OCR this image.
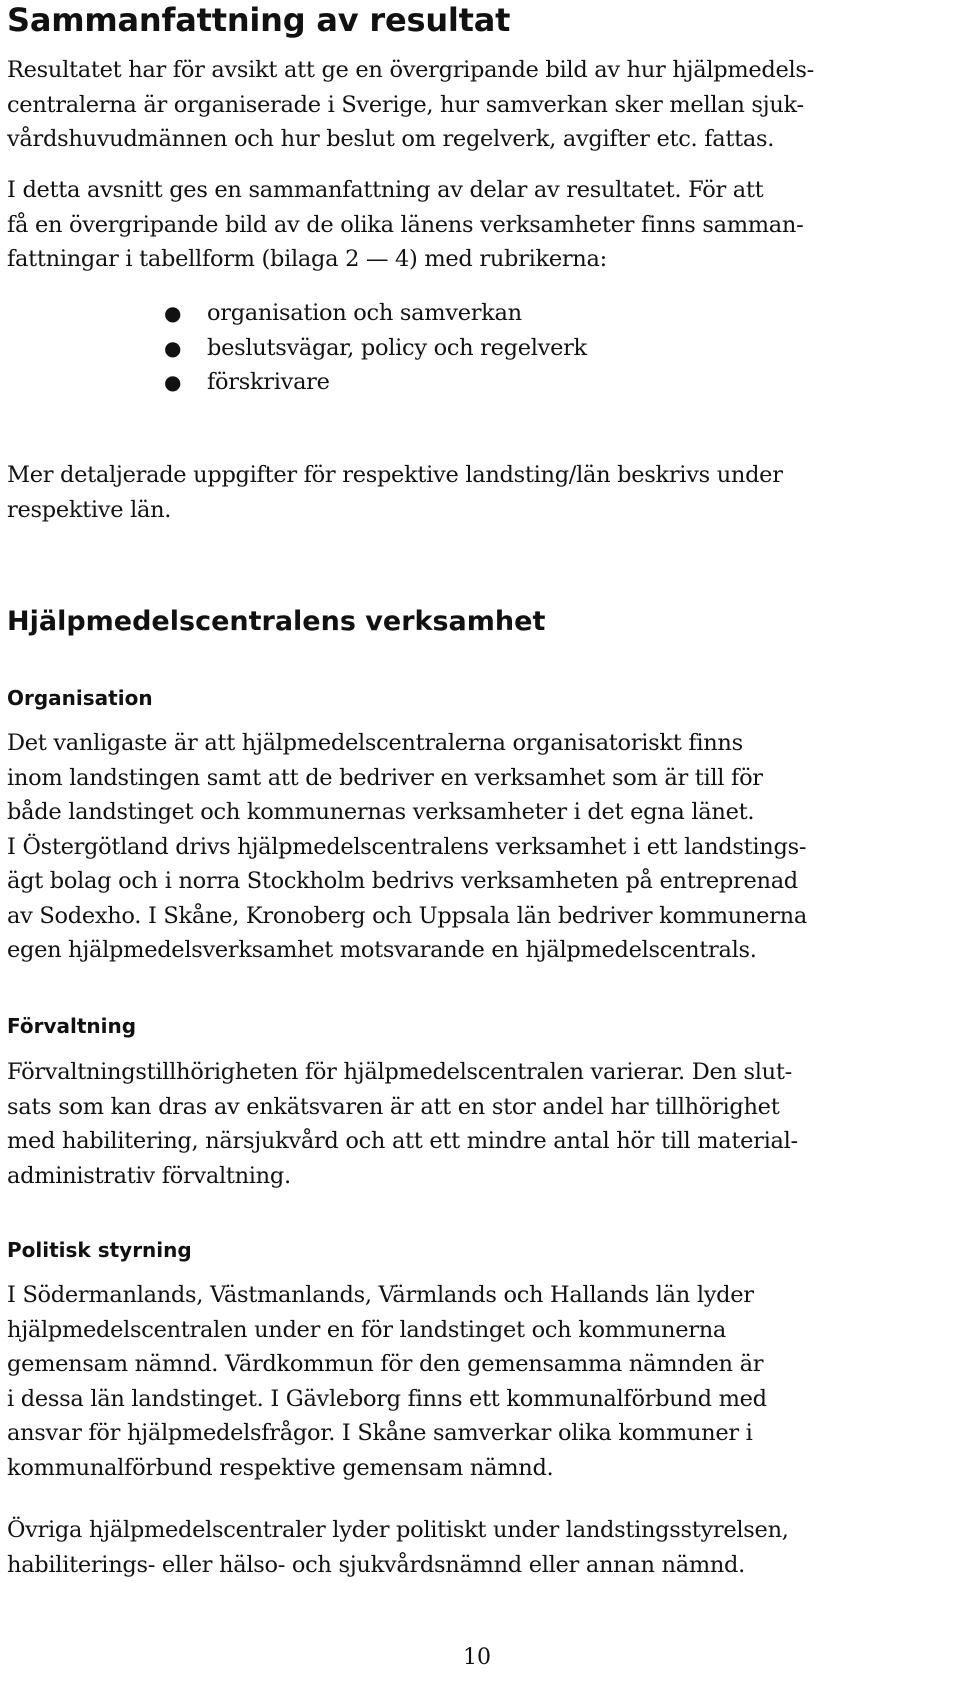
Sammanfattning av resultat

Resultatet har för avsikt att ge en övergripande bild av hur hjälpmedels-
centralerna är organiserade i Sverige, hur samverkan sker mellan sjuk-
vårdshuvudmännen och hur beslut om regelverk, avgifter etc. fattas.

I detta avsnitt ges en sammanfattning av delar av resultatet. För att
få en övergripande bild av de olika länens verksamheter finns samman-
fattningar i tabellform (bilaga 2 — 4) med rubrikerna:

● organisation och samverkan
● beslutsvägar, policy och regelverk
● förskrivare

Mer detaljerade uppgifter för respektive landsting/län beskrivs under
respektive län.

Hjälpmedelscentralens verksamhet
Organisation

Det vanligaste är att hjälpmedelscentralerna organisatoriskt finns
inom landstingen samt att de bedriver en verksamhet som är till för
både landstinget och kommunernas verksamheter i det egna länet.
I Östergötland drivs hjälpmedelscentralens verksamhet i ett landstings-
ägt bolag och i norra Stockholm bedrivs verksamheten på entreprenad
av Sodexho. I Skåne, Kronoberg och Uppsala län bedriver kommunerna
egen hjälpmedelsverksamhet motsvarande en hjälpmedelscentrals.

Förvaltning

Förvaltningstillhörigheten för hjälpmedelscentralen varierar. Den slut-
sats som kan dras av enkätsvaren är att en stor andel har tillhörighet
med habilitering, närsjukvård och att ett mindre antal hör till material-
administrativ förvaltning.

Politisk styrning

I Södermanlands, Västmanlands, Värmlands och Hallands län lyder
hjälpmedelscentralen under en för landstinget och kommunerna
gemensam nämnd. Värdkommun för den gemensamma nämnden är
i dessa län landstinget. I Gävleborg finns ett kommunalförbund med
ansvar för hjälpmedelsfrågor. I Skåne samverkar olika kommuner i
kommunalförbund respektive gemensam nämnd.

Övriga hjälpmedelscentraler lyder politiskt under landstingsstyrelsen,
habiliterings- eller hälso- och sjukvårdsnämnd eller annan nämnd.

10
